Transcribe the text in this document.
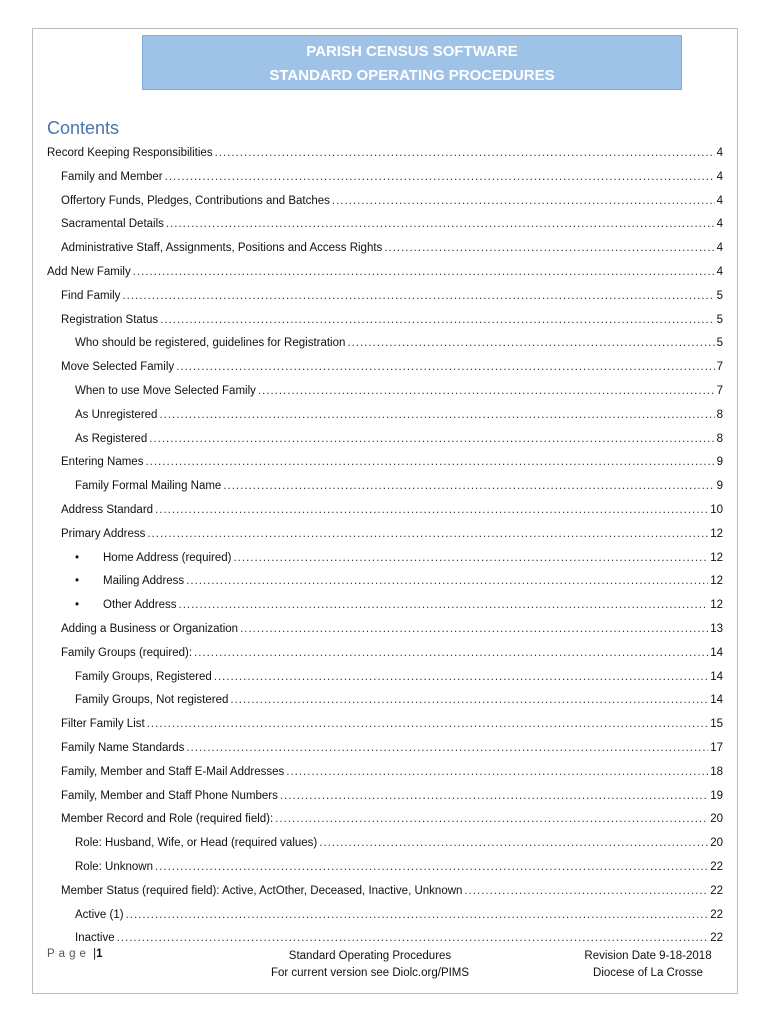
PARISH CENSUS SOFTWARE
STANDARD OPERATING PROCEDURES
Contents
Record Keeping Responsibilities .....	4
Family and Member .....	4
Offertory Funds, Pledges, Contributions and Batches .....	4
Sacramental Details .....	4
Administrative Staff, Assignments, Positions and Access Rights .....	4
Add New Family .....	4
Find Family .....	5
Registration Status .....	5
Who should be registered, guidelines for Registration .....	5
Move Selected Family .....	7
When to use Move Selected Family .....	7
As Unregistered .....	8
As Registered .....	8
Entering Names .....	9
Family Formal Mailing Name .....	9
Address Standard .....	10
Primary Address .....	12
•	Home Address (required) .....	12
•	Mailing Address .....	12
•	Other Address .....	12
Adding a Business or Organization .....	13
Family Groups (required): .....	14
Family Groups, Registered .....	14
Family Groups, Not registered .....	14
Filter Family List .....	15
Family Name Standards .....	17
Family, Member and Staff E-Mail Addresses .....	18
Family, Member and Staff Phone Numbers .....	19
Member Record and Role (required field): .....	20
Role: Husband, Wife, or Head (required values) .....	20
Role: Unknown .....	22
Member Status (required field): Active, ActOther, Deceased, Inactive, Unknown .....	22
Active (1) .....	22
Inactive .....	22
Page |1	Standard Operating Procedures
For current version see Diolc.org/PIMS
Revision Date 9-18-2018
Diocese of La Crosse
